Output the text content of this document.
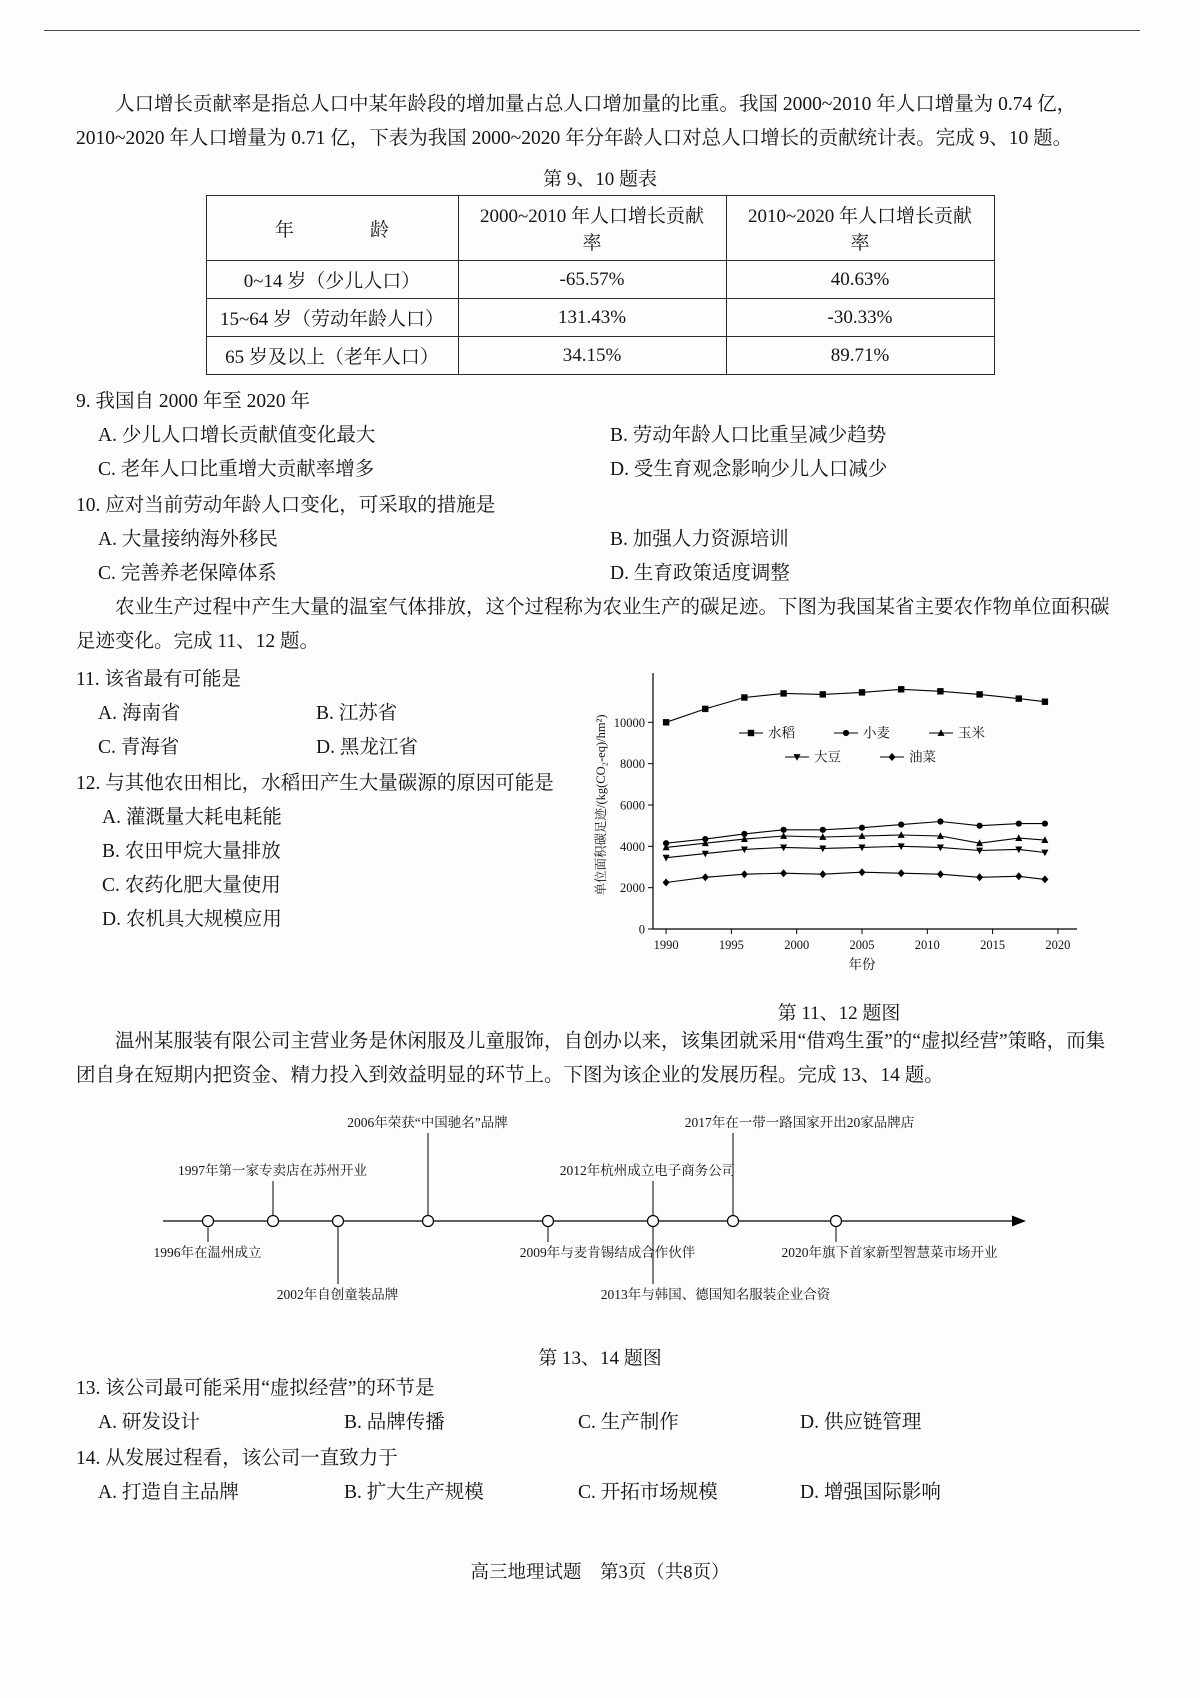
人口增长贡献率是指总人口中某年龄段的增加量占总人口增加量的比重。我国 2000~2010 年人口增量为 0.74 亿，2010~2020 年人口增量为 0.71 亿，下表为我国 2000~2020 年分年龄人口对总人口增长的贡献统计表。完成 9、10 题。

第 9、10 题表
年　　　　龄	2000~2010 年人口增长贡献率	2010~2020 年人口增长贡献率
0~14 岁（少儿人口）	-65.57%	40.63%
15~64 岁（劳动年龄人口）	131.43%	-30.33%
65 岁及以上（老年人口）	34.15%	89.71%
9. 我国自 2000 年至 2020 年
A. 少儿人口增长贡献值变化最大	B. 劳动年龄人口比重呈减少趋势
C. 老年人口比重增大贡献率增多	D. 受生育观念影响少儿人口减少
10. 应对当前劳动年龄人口变化，可采取的措施是
A. 大量接纳海外移民	B. 加强人力资源培训
C. 完善养老保障体系	D. 生育政策适度调整

农业生产过程中产生大量的温室气体排放，这个过程称为农业生产的碳足迹。下图为我国某省主要农作物单位面积碳足迹变化。完成 11、12 题。

11. 该省最有可能是
A. 海南省	B. 江苏省
C. 青海省	D. 黑龙江省
12. 与其他农田相比，水稻田产生大量碳源的原因可能是
A. 灌溉量大耗电耗能
B. 农田甲烷大量排放
C. 农药化肥大量使用
D. 农机具大规模应用	0
2000
4000
6000
8000
10000
1990	1995	2000	2005	2010	2015	2020
年份
单位面积碳足迹/(kg(CO₂-eq)/hm²)	水稻	小麦	玉米
大豆	油菜
第 11、12 题图

温州某服装有限公司主营业务是休闲服及儿童服饰，自创办以来，该集团就采用“借鸡生蛋”的“虚拟经营”策略，而集团自身在短期内把资金、精力投入到效益明显的环节上。下图为该企业的发展历程。完成 13、14 题。

1996年在温州成立
1997年第一家专卖店在苏州开业
2002年自创童装品牌
2006年荣获“中国驰名”品牌
2009年与麦肯锡结成合作伙伴
2012年杭州成立电子商务公司
2013年与韩国、德国知名服装企业合资
2017年在一带一路国家开出20家品牌店
2020年旗下首家新型智慧菜市场开业
第 13、14 题图
13. 该公司最可能采用“虚拟经营”的环节是
A. 研发设计	B. 品牌传播	C. 生产制作	D. 供应链管理
14. 从发展过程看，该公司一直致力于
A. 打造自主品牌	B. 扩大生产规模	C. 开拓市场规模	D. 增强国际影响
高三地理试题　第3页（共8页）
